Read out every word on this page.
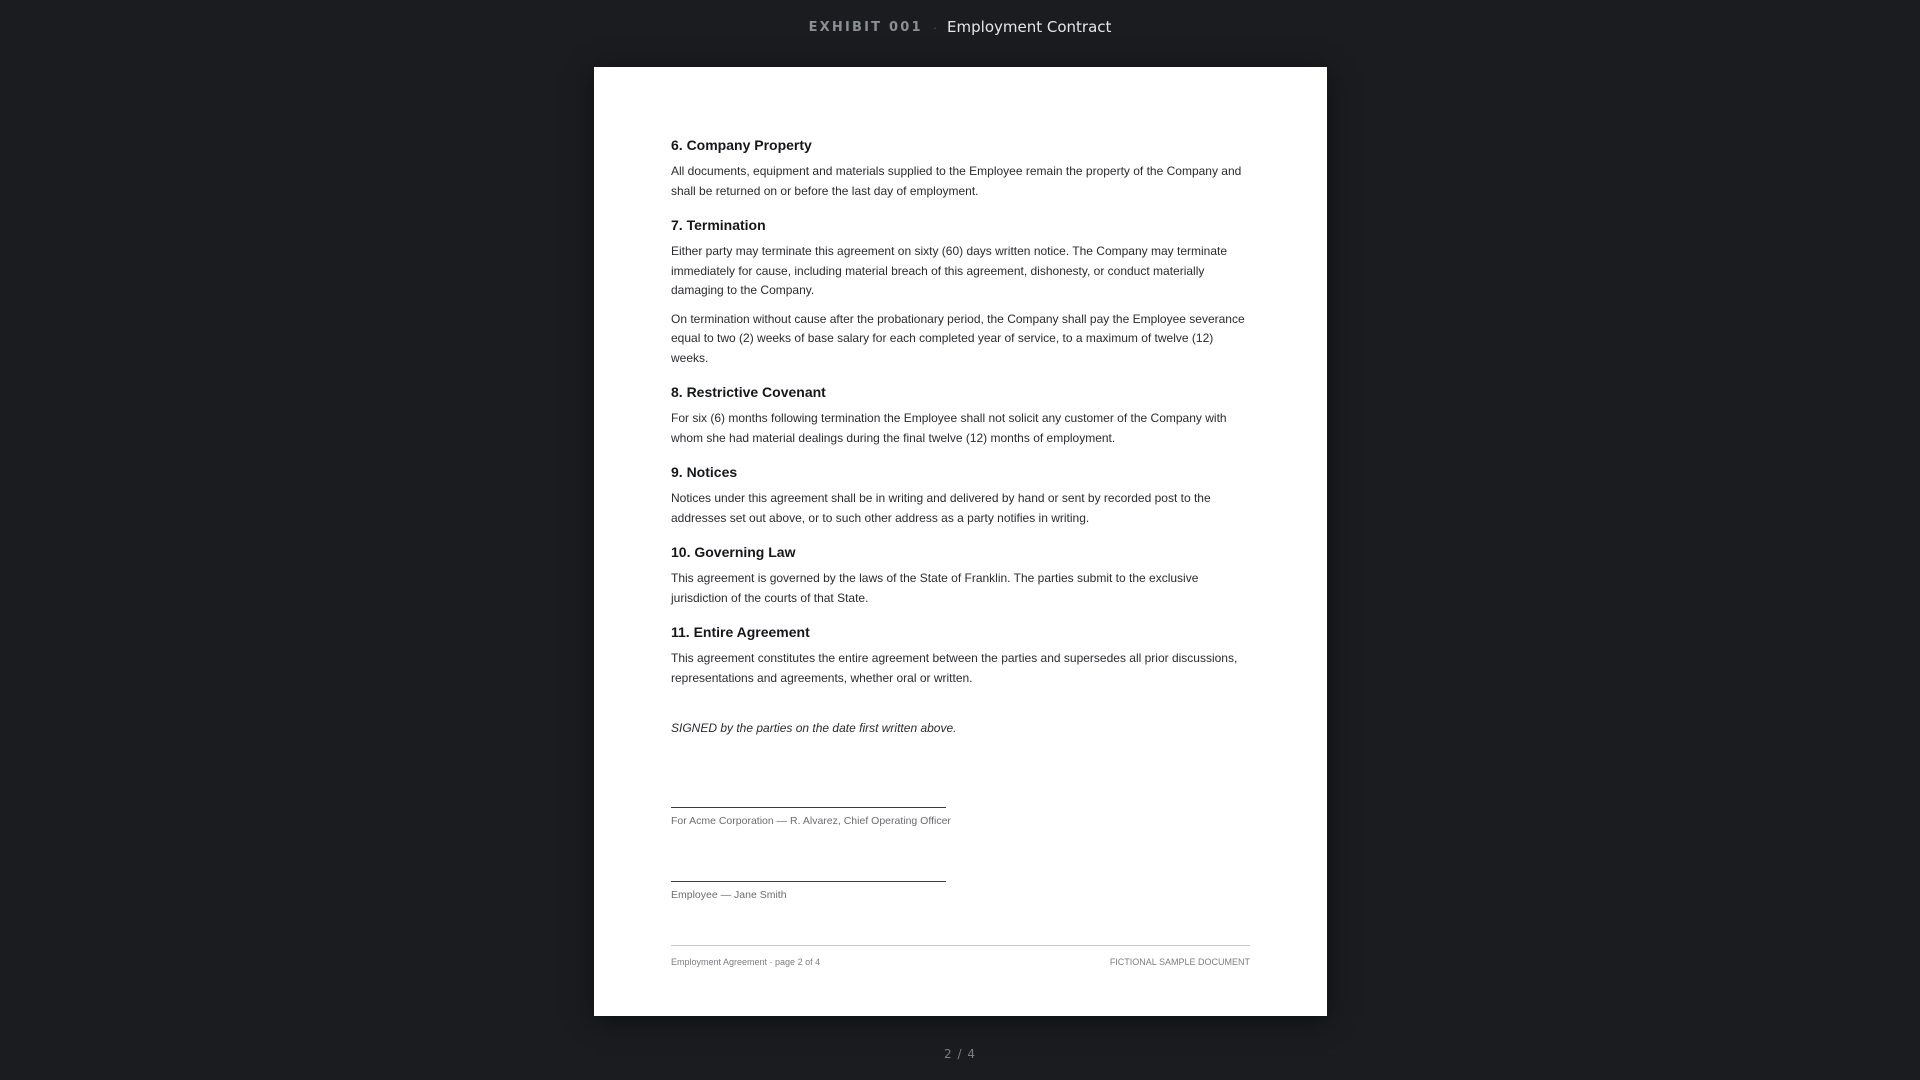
EXHIBIT 001 · Employment Contract
6. Company Property

All documents, equipment and materials supplied to the Employee remain the property of the Company and shall be returned on or before the last day of employment.

7. Termination

Either party may terminate this agreement on sixty (60) days written notice. The Company may terminate immediately for cause, including material breach of this agreement, dishonesty, or conduct materially damaging to the Company.

On termination without cause after the probationary period, the Company shall pay the Employee severance equal to two (2) weeks of base salary for each completed year of service, to a maximum of twelve (12) weeks.

8. Restrictive Covenant

For six (6) months following termination the Employee shall not solicit any customer of the Company with whom she had material dealings during the final twelve (12) months of employment.

9. Notices

Notices under this agreement shall be in writing and delivered by hand or sent by recorded post to the addresses set out above, or to such other address as a party notifies in writing.

10. Governing Law

This agreement is governed by the laws of the State of Franklin. The parties submit to the exclusive jurisdiction of the courts of that State.

11. Entire Agreement

This agreement constitutes the entire agreement between the parties and supersedes all prior discussions, representations and agreements, whether oral or written.

SIGNED by the parties on the date first written above.

For Acme Corporation — R. Alvarez, Chief Operating Officer
Employee — Jane Smith
Employment Agreement · page 2 of 4	FICTIONAL SAMPLE DOCUMENT
2 / 4
